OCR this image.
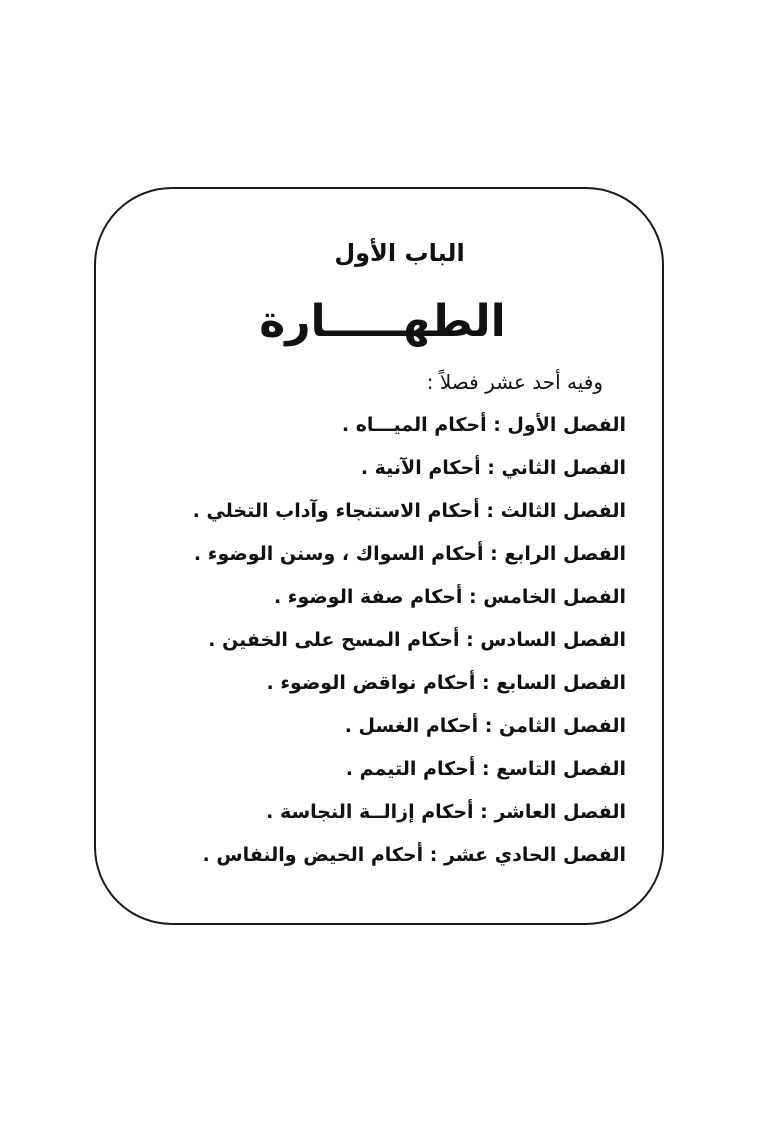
الباب الأول
الطهـــــارة
وفيه أحد عشر فصلاً :
الفصل الأول : أحكام الميـــاه .
الفصل الثاني : أحكام الآنية .
الفصل الثالث : أحكام الاستنجاء وآداب التخلي .
الفصل الرابع : أحكام السواك ، وسنن الوضوء .
الفصل الخامس : أحكام صفة الوضوء .
الفصل السادس : أحكام المسح على الخفين .
الفصل السابع : أحكام نواقض الوضوء .
الفصل الثامن : أحكام الغسل .
الفصل التاسع : أحكام التيمم .
الفصل العاشر : أحكام إزالــة النجاسة .
الفصل الحادي عشر : أحكام الحيض والنفاس .
